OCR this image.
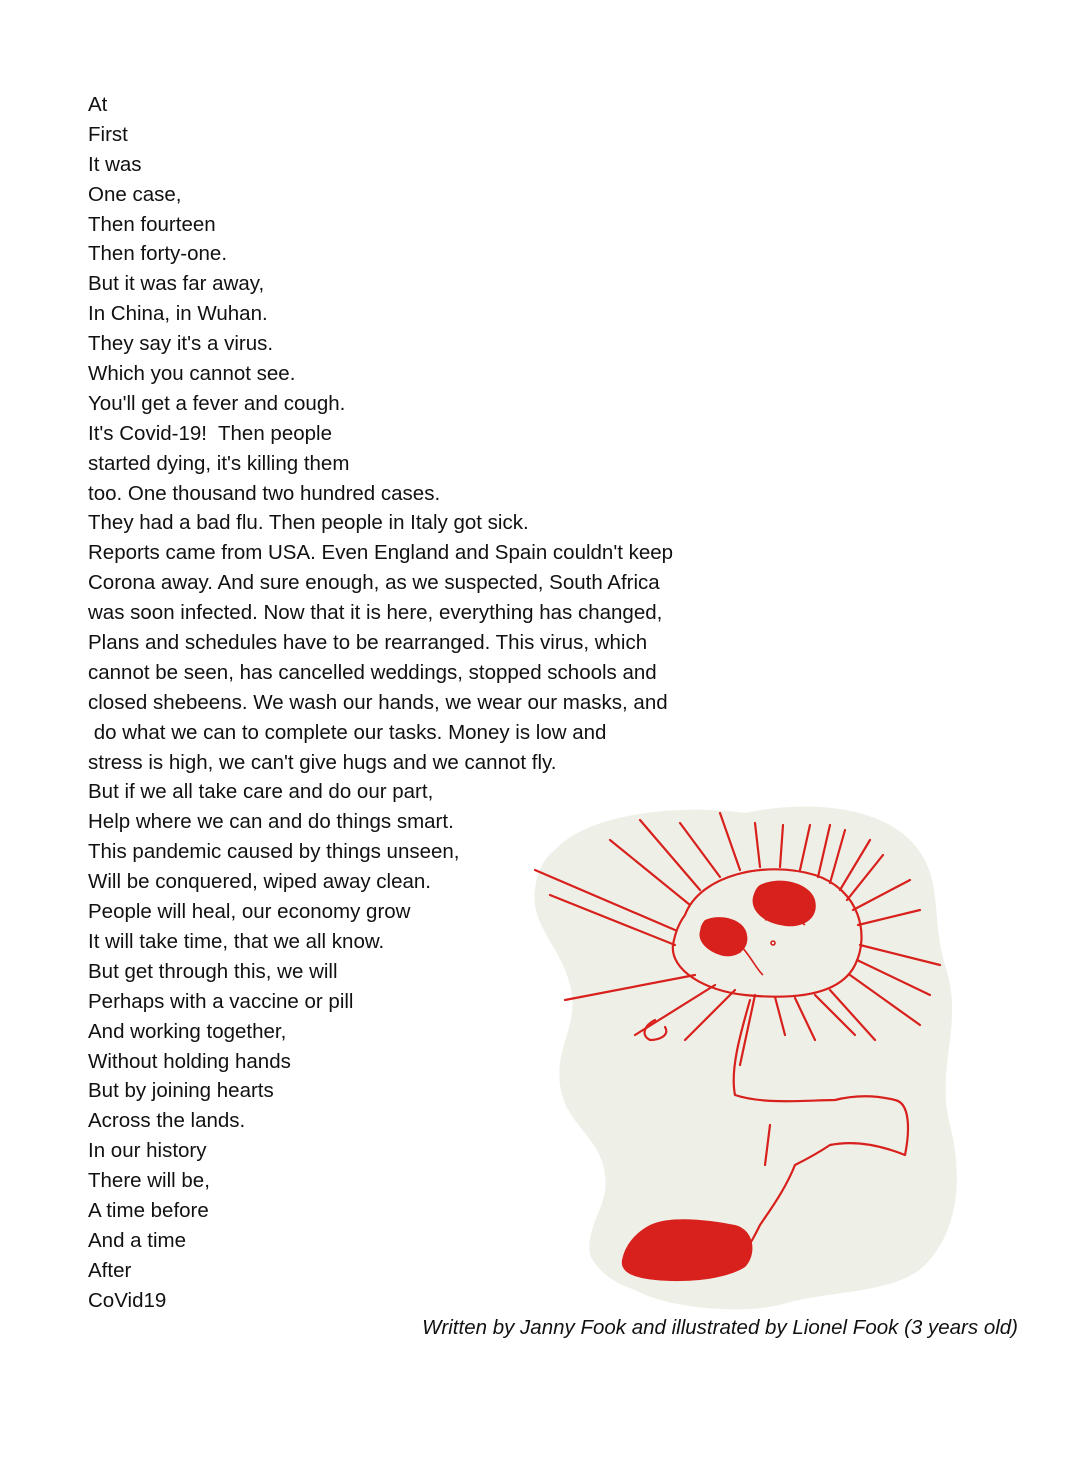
At
First
It was
One case,
Then fourteen
Then forty-one.
But it was far away,
In China, in Wuhan.
They say it's a virus.
Which you cannot see.
You'll get a fever and cough.
It's Covid-19!  Then people
started dying, it's killing them
too. One thousand two hundred cases.
They had a bad flu. Then people in Italy got sick.
Reports came from USA. Even England and Spain couldn't keep
Corona away. And sure enough, as we suspected, South Africa
was soon infected. Now that it is here, everything has changed,
Plans and schedules have to be rearranged. This virus, which
cannot be seen, has cancelled weddings, stopped schools and
closed shebeens. We wash our hands, we wear our masks, and
do what we can to complete our tasks. Money is low and
stress is high, we can't give hugs and we cannot fly.
But if we all take care and do our part,
Help where we can and do things smart.
This pandemic caused by things unseen,
Will be conquered, wiped away clean.
People will heal, our economy grow
It will take time, that we all know.
But get through this, we will
Perhaps with a vaccine or pill
And working together,
Without holding hands
But by joining hearts
Across the lands.
In our history
There will be,
A time before
And a time
After
CoVid19
Written by Janny Fook and illustrated by Lionel Fook (3 years old)
